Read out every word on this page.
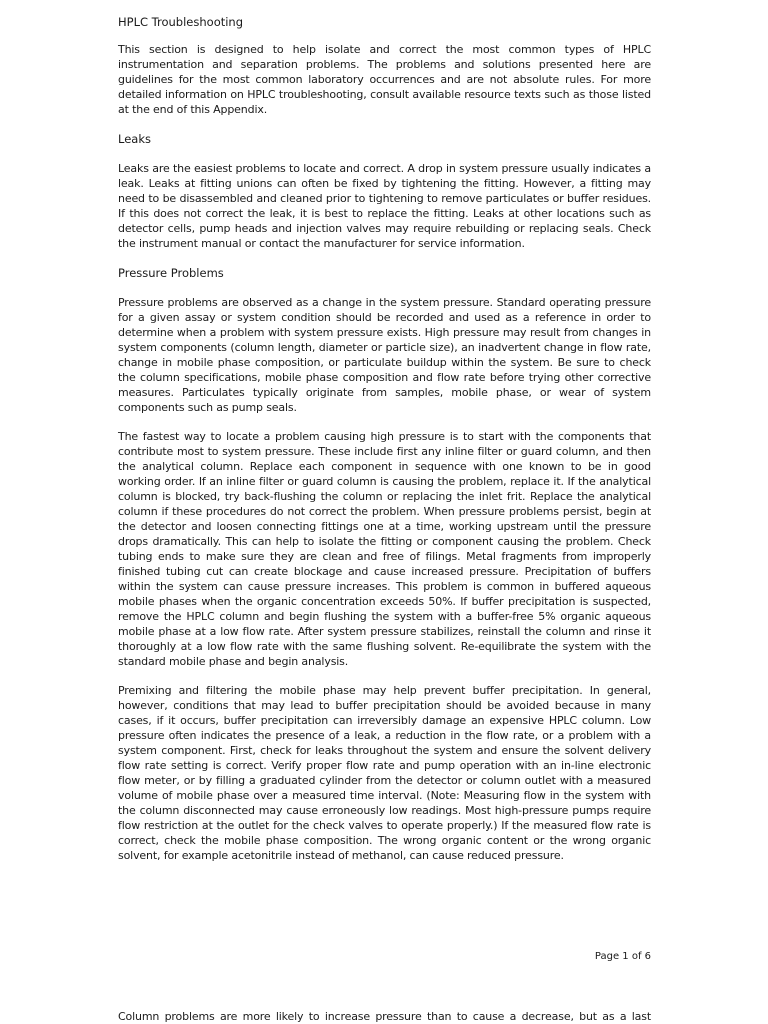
HPLC Troubleshooting

This section is designed to help isolate and correct the most common types of HPLC instrumentation and separation problems. The problems and solutions presented here are guidelines for the most common laboratory occurrences and are not absolute rules. For more detailed information on HPLC troubleshooting, consult available resource texts such as those listed at the end of this Appendix.

Leaks

Leaks are the easiest problems to locate and correct. A drop in system pressure usually indicates a leak. Leaks at fitting unions can often be fixed by tightening the fitting. However, a fitting may need to be disassembled and cleaned prior to tightening to remove particulates or buffer residues. If this does not correct the leak, it is best to replace the fitting. Leaks at other locations such as detector cells, pump heads and injection valves may require rebuilding or replacing seals. Check the instrument manual or contact the manufacturer for service information.

Pressure Problems

Pressure problems are observed as a change in the system pressure. Standard operating pressure for a given assay or system condition should be recorded and used as a reference in order to determine when a problem with system pressure exists. High pressure may result from changes in system components (column length, diameter or particle size), an inadvertent change in flow rate, change in mobile phase composition, or particulate buildup within the system. Be sure to check the column specifications, mobile phase composition and flow rate before trying other corrective measures. Particulates typically originate from samples, mobile phase, or wear of system components such as pump seals.

The fastest way to locate a problem causing high pressure is to start with the components that contribute most to system pressure. These include first any inline filter or guard column, and then the analytical column. Replace each component in sequence with one known to be in good working order. If an inline filter or guard column is causing the problem, replace it. If the analytical column is blocked, try back-flushing the column or replacing the inlet frit. Replace the analytical column if these procedures do not correct the problem. When pressure problems persist, begin at the detector and loosen connecting fittings one at a time, working upstream until the pressure drops dramatically. This can help to isolate the fitting or component causing the problem. Check tubing ends to make sure they are clean and free of filings. Metal fragments from improperly finished tubing cut can create blockage and cause increased pressure. Precipitation of buffers within the system can cause pressure increases. This problem is common in buffered aqueous mobile phases when the organic concentration exceeds 50%. If buffer precipitation is suspected, remove the HPLC column and begin flushing the system with a buffer-free 5% organic aqueous mobile phase at a low flow rate. After system pressure stabilizes, reinstall the column and rinse it thoroughly at a low flow rate with the same flushing solvent. Re-equilibrate the system with the standard mobile phase and begin analysis.

Premixing and filtering the mobile phase may help prevent buffer precipitation. In general, however, conditions that may lead to buffer precipitation should be avoided because in many cases, if it occurs, buffer precipitation can irreversibly damage an expensive HPLC column. Low pressure often indicates the presence of a leak, a reduction in the flow rate, or a problem with a system component. First, check for leaks throughout the system and ensure the solvent delivery flow rate setting is correct. Verify proper flow rate and pump operation with an in-line electronic flow meter, or by filling a graduated cylinder from the detector or column outlet with a measured volume of mobile phase over a measured time interval. (Note: Measuring flow in the system with the column disconnected may cause erroneously low readings. Most high-pressure pumps require flow restriction at the outlet for the check valves to operate properly.) If the measured flow rate is correct, check the mobile phase composition. The wrong organic content or the wrong organic solvent, for example acetonitrile instead of methanol, can cause reduced pressure.

Page 1 of 6
Column problems are more likely to increase pressure than to cause a decrease, but as a last
